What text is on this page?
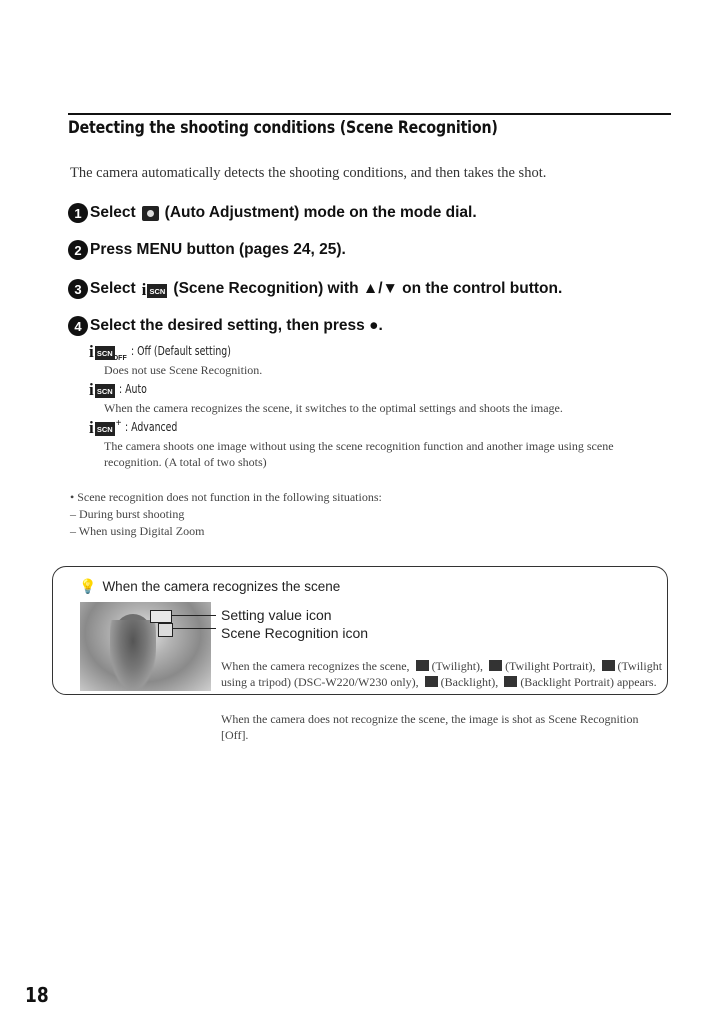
Detecting the shooting conditions (Scene Recognition)
The camera automatically detects the shooting conditions, and then takes the shot.
1 Select (Auto Adjustment) mode on the mode dial.
2 Press MENU button (pages 24, 25).
3 Select i SCN (Scene Recognition) with ▲/▼ on the control button.
4 Select the desired setting, then press ●.
i SCN
OFF
: Off (Default setting)
Does not use Scene Recognition.
i SCN : Auto
When the camera recognizes the scene, it switches to the optimal settings and shoots the image.
i SCN + : Advanced
The camera shoots one image without using the scene recognition function and another image using scene recognition. (A total of two shots)
• Scene recognition does not function in the following situations:
– During burst shooting
– When using Digital Zoom
💡 When the camera recognizes the scene
Setting value icon
Scene Recognition icon
When the camera recognizes the scene, (Twilight), (Twilight Portrait), (Twilight using a tripod) (DSC-W220/W230 only), (Backlight), (Backlight Portrait) appears.
When the camera does not recognize the scene, the image is shot as Scene Recognition [Off].
18
